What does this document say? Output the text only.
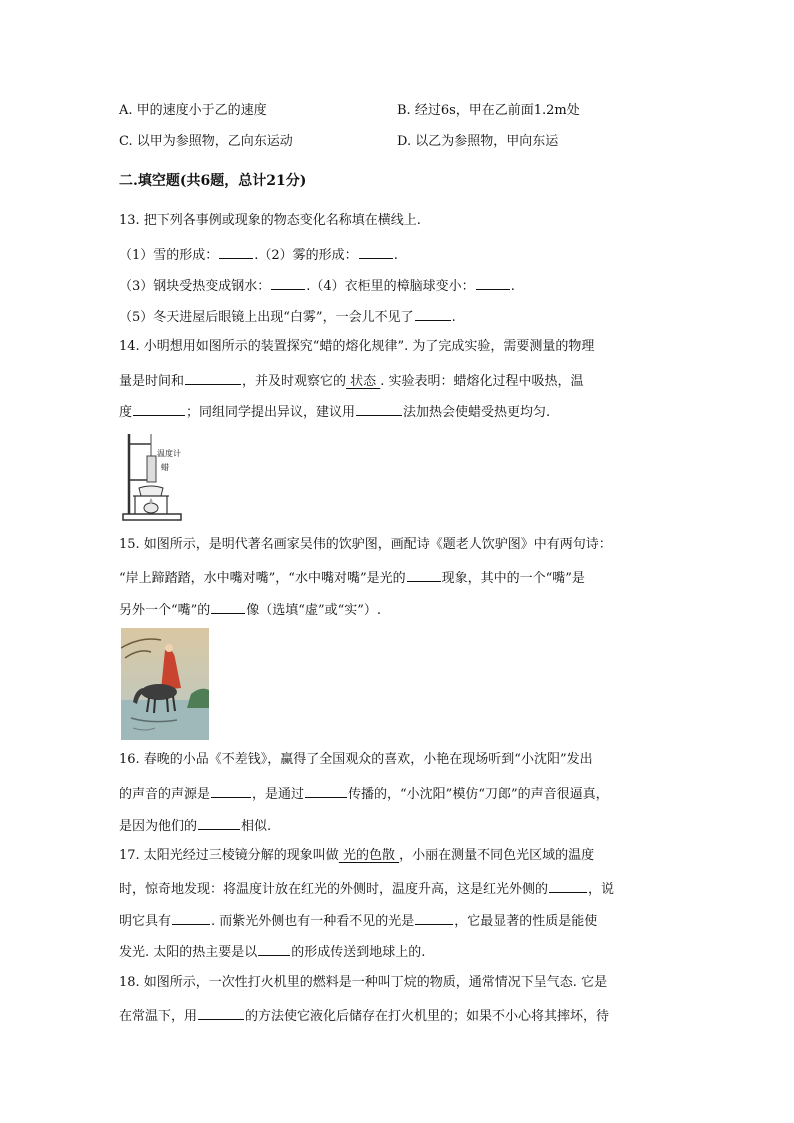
A. 甲的速度小于乙的速度	B. 经过6s，甲在乙前面1.2m处
C. 以甲为参照物，乙向东运动	D. 以乙为参照物，甲向东运
二.填空题(共6题，总计21分)
13. 把下列各事例或现象的物态变化名称填在横线上.
（1）雪的形成：	.（2）雾的形成：	.
（3）钢块受热变成钢水：	.（4）衣柜里的樟脑球变小：	.
（5）冬天进屋后眼镜上出现“白雾”，一会儿不见了	.
14. 小明想用如图所示的装置探究“蜡的熔化规律”. 为了完成实验，需要测量的物理
量是时间和	，并及时观察它的 状态 . 实验表明：蜡熔化过程中吸热，温
度	；同组同学提出异议，建议用	法加热会使蜡受热更均匀.
温度计
蜡
15. 如图所示，是明代著名画家吴伟的饮驴图，画配诗《题老人饮驴图》中有两句诗：
“岸上蹄踏踏，水中嘴对嘴”，“水中嘴对嘴”是光的	现象，其中的一个“嘴”是
另外一个“嘴”的	像（选填“虚”或“实”）.
16. 春晚的小品《不差钱》，赢得了全国观众的喜欢，小艳在现场听到“小沈阳”发出
的声音的声源是	，是通过	传播的，“小沈阳”模仿“刀郎”的声音很逼真，
是因为他们的	相似.
17. 太阳光经过三棱镜分解的现象叫做 光的色散 ，小丽在测量不同色光区域的温度
时，惊奇地发现：将温度计放在红光的外侧时，温度升高，这是红光外侧的	，说
明它具有	. 而紫光外侧也有一种看不见的光是	，它最显著的性质是能使
发光. 太阳的热主要是以	的形成传送到地球上的.
18. 如图所示，一次性打火机里的燃料是一种叫丁烷的物质，通常情况下呈气态. 它是
在常温下，用	的方法使它液化后储存在打火机里的；如果不小心将其摔坏，待
